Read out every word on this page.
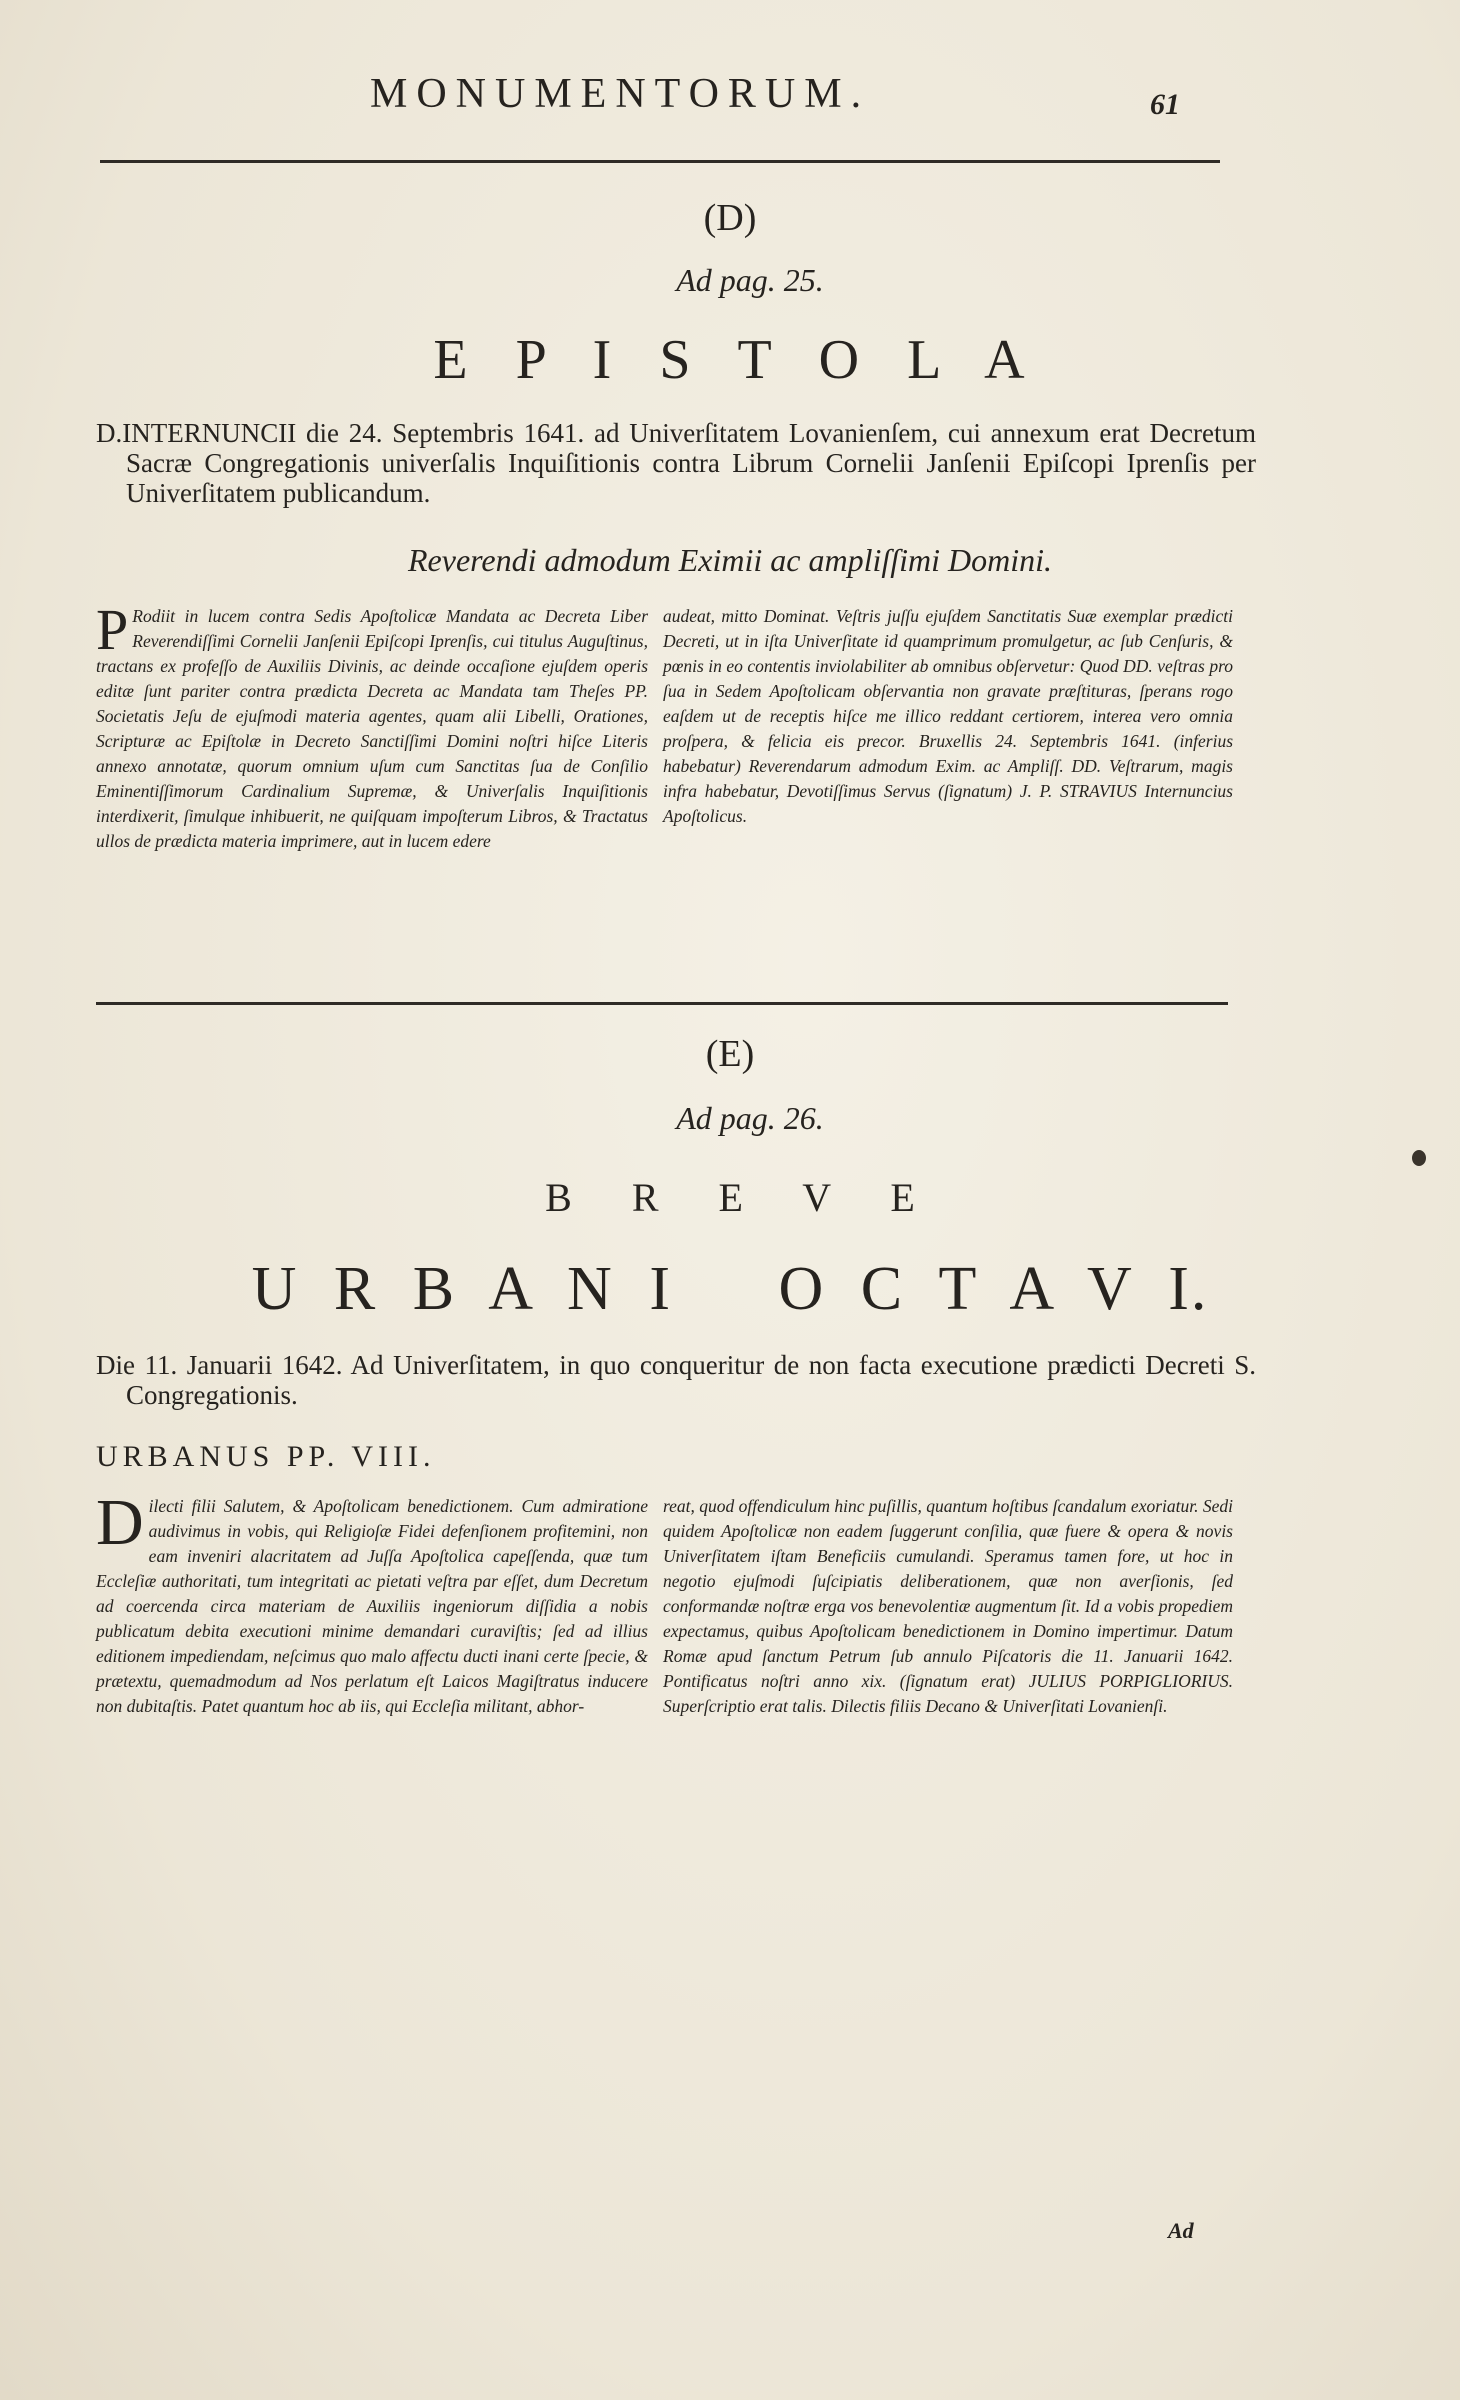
MONUMENTORUM.	61
(D)
Ad pag. 25.
E P I S T O L A
D.INTERNUNCII die 24. Septembris 1641. ad Univerſitatem Lovanienſem, cui annexum erat Decretum Sacræ Congregationis univerſalis Inquiſitionis contra Librum Cornelii Janſenii Epiſcopi Iprenſis per Univerſitatem publicandum.
Reverendi admodum Eximii ac ampliſſimi Domini.

PRodiit in lucem contra Sedis Apoſtolicæ Mandata ac Decreta Liber Reverendiſſimi Cornelii Janſenii Epiſcopi Iprenſis, cui titulus Auguſtinus, tractans ex profeſſo de Auxiliis Divinis, ac deinde occaſione ejuſdem operis editæ ſunt pariter contra prædicta Decreta ac Mandata tam Theſes PP. Societatis Jeſu de ejuſmodi materia agentes, quam alii Libelli, Orationes, Scripturæ ac Epiſtolæ in Decreto Sanctiſſimi Domini noſtri hiſce Literis annexo annotatæ, quorum omnium uſum cum Sanctitas ſua de Conſilio Eminentiſſimorum Cardinalium Supremæ, & Univerſalis Inquiſitionis interdixerit, ſimulque inhibuerit, ne quiſquam impoſterum Libros, & Tractatus ullos de prædicta materia imprimere, aut in lucem edere

audeat, mitto Dominat. Veſtris juſſu ejuſdem Sanctitatis Suæ exemplar prædicti Decreti, ut in iſta Univerſitate id quamprimum promulgetur, ac ſub Cenſuris, & pœnis in eo contentis inviolabiliter ab omnibus obſervetur: Quod DD. veſtras pro ſua in Sedem Apoſtolicam obſervantia non gravate præſtituras, ſperans rogo eaſdem ut de receptis hiſce me illico reddant certiorem, interea vero omnia proſpera, & felicia eis precor. Bruxellis 24. Septembris 1641. (inferius habebatur) Reverendarum admodum Exim. ac Ampliſſ. DD. Veſtrarum, magis infra habebatur, Devotiſſimus Servus (ſignatum) J. P. STRAVIUS Internuncius Apoſtolicus.

(E)
Ad pag. 26.
B R E V E
U R B A N I   O C T A V I.
Die 11. Januarii 1642. Ad Univerſitatem, in quo conqueritur de non facta executione prædicti Decreti S. Congregationis.
URBANUS PP. VIII.

Dilecti filii Salutem, & Apoſtolicam benedictionem. Cum admiratione audivimus in vobis, qui Religioſæ Fidei defenſionem profitemini, non eam inveniri alacritatem ad Juſſa Apoſtolica capeſſenda, quæ tum Eccleſiæ authoritati, tum integritati ac pietati veſtra par eſſet, dum Decretum ad coercenda circa materiam de Auxiliis ingeniorum diſſidia a nobis publicatum debita executioni minime demandari curaviſtis; ſed ad illius editionem impediendam, neſcimus quo malo affectu ducti inani certe ſpecie, & prætextu, quemadmodum ad Nos perlatum eſt Laicos Magiſtratus inducere non dubitaſtis. Patet quantum hoc ab iis, qui Eccleſia militant, abhor-

reat, quod offendiculum hinc puſillis, quantum hoſtibus ſcandalum exoriatur. Sedi quidem Apoſtolicæ non eadem ſuggerunt conſilia, quæ fuere & opera & novis Univerſitatem iſtam Beneficiis cumulandi. Speramus tamen fore, ut hoc in negotio ejuſmodi ſuſcipiatis deliberationem, quæ non averſionis, ſed conformandæ noſtræ erga vos benevolentiæ augmentum ſit. Id a vobis propediem expectamus, quibus Apoſtolicam benedictionem in Domino impertimur. Datum Romæ apud ſanctum Petrum ſub annulo Piſcatoris die 11. Januarii 1642. Pontificatus noſtri anno xix. (ſignatum erat) JULIUS PORPIGLIORIUS. Superſcriptio erat talis. Dilectis filiis Decano & Univerſitati Lovanienſi.

Ad
